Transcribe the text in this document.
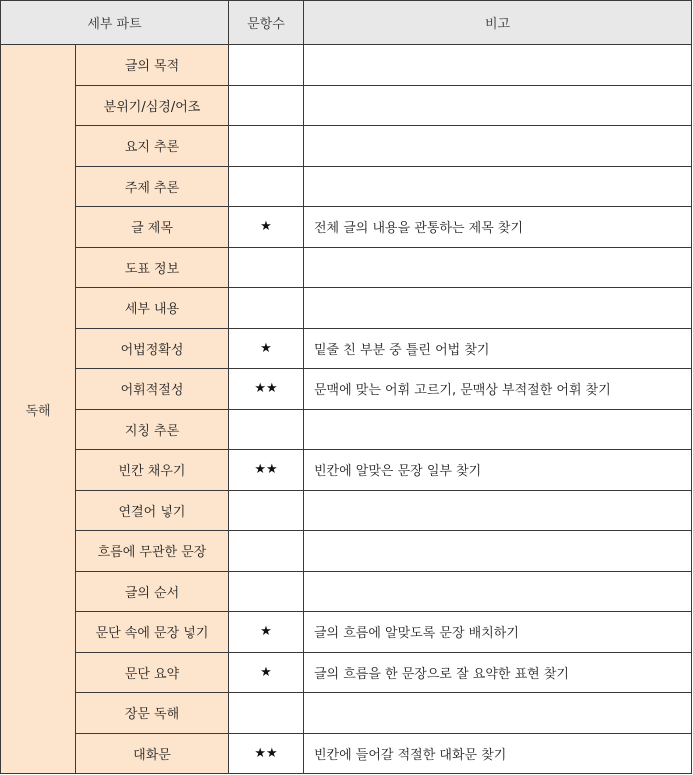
세부 파트		문항수	비고
독해	글의 목적		
	분위기/심경/어조		
	요지 추론		
	주제 추론		
	글 제목	★	전체 글의 내용을 관통하는 제목 찾기
	도표 정보		
	세부 내용		
	어법정확성	★	밑줄 친 부분 중 틀린 어법 찾기
	어휘적절성	★★	문맥에 맞는 어휘 고르기, 문맥상 부적절한 어휘 찾기
	지칭 추론		
	빈칸 채우기	★★	빈칸에 알맞은 문장 일부 찾기
	연결어 넣기		
	흐름에 무관한 문장		
	글의 순서		
	문단 속에 문장 넣기	★	글의 흐름에 알맞도록 문장 배치하기
	문단 요약	★	글의 흐름을 한 문장으로 잘 요약한 표현 찾기
	장문 독해		
	대화문	★★	빈칸에 들어갈 적절한 대화문 찾기
